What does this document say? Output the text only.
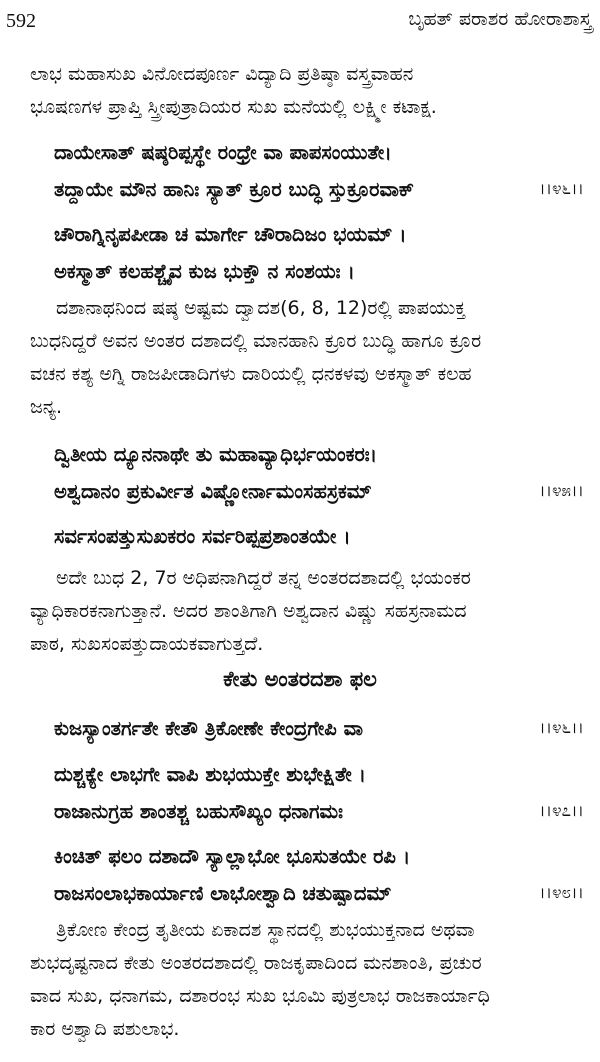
592	ಬೃಹತ್ ಪರಾಶರ ಹೋರಾಶಾಸ್ತ್ರ
ಲಾಭ ಮಹಾಸುಖ ವಿನೋದಪೂರ್ಣ ವಿದ್ಯಾದಿ ಪ್ರತಿಷ್ಠಾ ವಸ್ತ್ರವಾಹನ
ಭೂಷಣಗಳ ಪ್ರಾಪ್ತಿ ಸ್ತ್ರೀಪುತ್ರಾದಿಯರ ಸುಖ ಮನೆಯಲ್ಲಿ ಲಕ್ಷ್ಮೀ ಕಟಾಕ್ಷ.
ದಾಯೇಸಾತ್ ಷಷ್ಠರಿಪ್ಪಸ್ಥೇ ರಂಧ್ರೇ ವಾ ಪಾಪಸಂಯುತೇ।
ತದ್ದಾಯೇ ಮೌನ ಹಾನಿಃ ಸ್ಯಾತ್ ಕ್ರೂರ ಬುದ್ಧಿ ಸ್ತುಕ್ರೂರವಾಕ್	।।೪೬।।
ಚೌರಾಗ್ನಿನೃಪಪೀಡಾ ಚ ಮಾರ್ಗೇ ಚೌರಾದಿಜಂ ಭಯಮ್ ।
ಅಕಸ್ಮಾತ್ ಕಲಹಶ್ಚೈವ ಕುಜ ಭುಕ್ತೌ ನ ಸಂಶಯಃ ।
ದಶಾನಾಥನಿಂದ ಷಷ್ಠ ಅಷ್ಟಮ ದ್ವಾದಶ(6, 8, 12)ರಲ್ಲಿ ಪಾಪಯುಕ್ತ
ಬುಧನಿದ್ದರೆ ಅವನ ಅಂತರ ದಶಾದಲ್ಲಿ ಮಾನಹಾನಿ ಕ್ರೂರ ಬುದ್ಧಿ ಹಾಗೂ ಕ್ರೂರ
ವಚನ ಕಶ್ಯ ಅಗ್ನಿ ರಾಜಪೀಡಾದಿಗಳು ದಾರಿಯಲ್ಲಿ ಧನಕಳವು ಅಕಸ್ಮಾತ್ ಕಲಹ
ಜನ್ಯ.
ದ್ವಿತೀಯ ದ್ಯೂನನಾಥೇ ತು ಮಹಾವ್ಯಾಧಿರ್ಭಯಂಕರಃ।
ಅಶ್ವದಾನಂ ಪ್ರಕುರ್ವೀತ ವಿಷ್ಣೋರ್ನಾಮಂಸಹಸ್ರಕಮ್	।।೪೫।।
ಸರ್ವಸಂಪತ್ತುಸುಖಕರಂ ಸರ್ವರಿಪ್ಪಪ್ರಶಾಂತಯೇ ।
ಅದೇ ಬುಧ 2, 7ರ ಅಧಿಪನಾಗಿದ್ದರೆ ತನ್ನ ಅಂತರದಶಾದಲ್ಲಿ ಭಯಂಕರ
ವ್ಯಾಧಿಕಾರಕನಾಗುತ್ತಾನೆ. ಅದರ ಶಾಂತಿಗಾಗಿ ಅಶ್ವದಾನ ವಿಷ್ಣು ಸಹಸ್ರನಾಮದ
ಪಾಠ, ಸುಖಸಂಪತ್ತುದಾಯಕವಾಗುತ್ತದೆ.
ಕೇತು ಅಂತರದಶಾ ಫಲ
ಕುಜಸ್ಯಾಂತರ್ಗತೇ ಕೇತೌ ತ್ರಿಕೋಣೇ ಕೇಂದ್ರಗೇಪಿ ವಾ	।।೪೬।।
ದುಶ್ಚಕ್ಯೇ ಲಾಭಗೇ ವಾಪಿ ಶುಭಯುಕ್ತೇ ಶುಭೇಕ್ಷಿತೇ ।
ರಾಜಾನುಗ್ರಹ ಶಾಂತಶ್ಚ ಬಹುಸೌಖ್ಯಂ ಧನಾಗಮಃ	।।೪೭।।
ಕಿಂಚಿತ್ ಫಲಂ ದಶಾದೌ ಸ್ಯಾಲ್ಲಾಭೋ ಭೂಸುತಯೇ ರಪಿ ।
ರಾಜಸಂಲಾಭಕಾರ್ಯಾಣಿ ಲಾಭೋಶ್ವಾದಿ ಚತುಷ್ಪಾದಮ್	।।೪೮।।
ತ್ರಿಕೋಣ ಕೇಂದ್ರ ತೃತೀಯ ಏಕಾದಶ ಸ್ಥಾನದಲ್ಲಿ ಶುಭಯುಕ್ತನಾದ ಅಥವಾ
ಶುಭದೃಷ್ಟನಾದ ಕೇತು ಅಂತರದಶಾದಲ್ಲಿ ರಾಜಕೃಪಾದಿಂದ ಮನಶಾಂತಿ, ಪ್ರಚುರ
ವಾದ ಸುಖ, ಧನಾಗಮ, ದಶಾರಂಭ ಸುಖ ಭೂಮಿ ಪುತ್ರಲಾಭ ರಾಜಕಾರ್ಯಾಧಿ
ಕಾರ ಅಶ್ವಾದಿ ಪಶುಲಾಭ.
